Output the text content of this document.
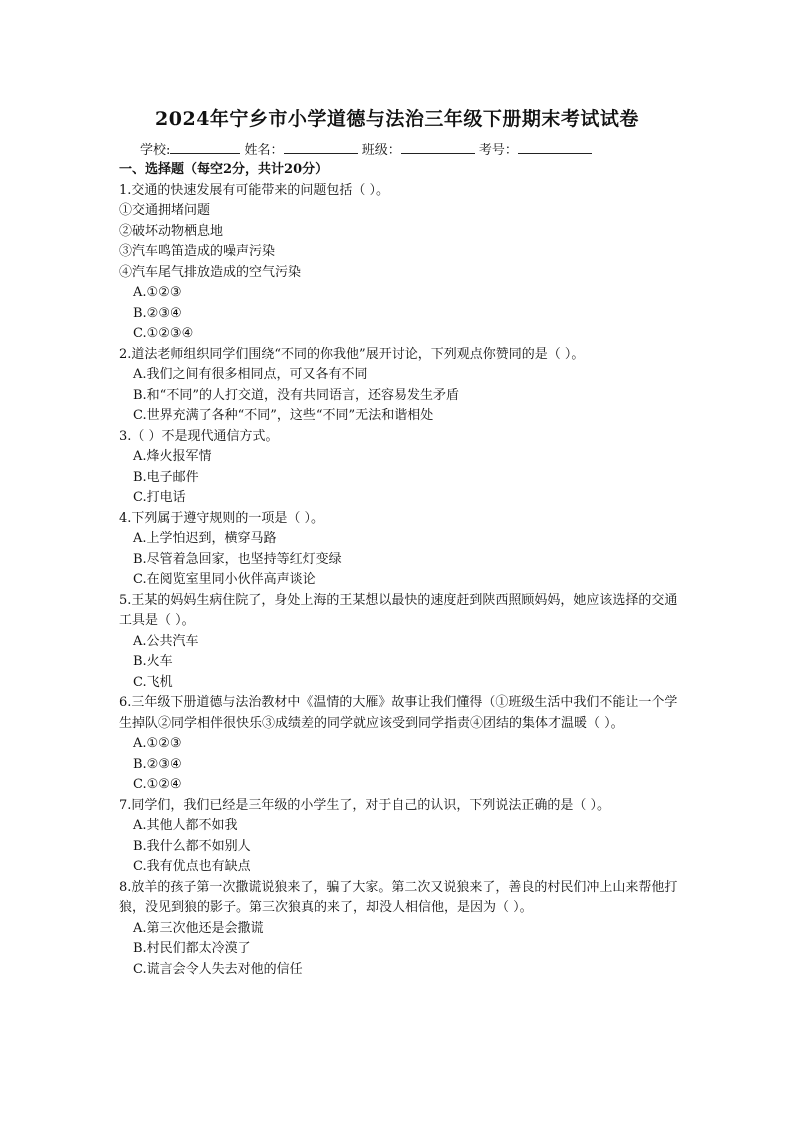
2024年宁乡市小学道德与法治三年级下册期末考试试卷
学校:	姓名：	班级：	考号：
一、选择题（每空2分，共计20分）
1.交通的快速发展有可能带来的问题包括（ ）。
①交通拥堵问题
②破坏动物栖息地
③汽车鸣笛造成的噪声污染
④汽车尾气排放造成的空气污染
A.①②③
B.②③④
C.①②③④
2.道法老师组织同学们围绕“不同的你我他”展开讨论，下列观点你赞同的是（ ）。
A.我们之间有很多相同点，可又各有不同
B.和“不同”的人打交道，没有共同语言，还容易发生矛盾
C.世界充满了各种“不同”，这些“不同”无法和谐相处
3.（ ）不是现代通信方式。
A.烽火报军情
B.电子邮件
C.打电话
4.下列属于遵守规则的一项是（ ）。
A.上学怕迟到，横穿马路
B.尽管着急回家，也坚持等红灯变绿
C.在阅览室里同小伙伴高声谈论
5.王某的妈妈生病住院了，身处上海的王某想以最快的速度赶到陕西照顾妈妈，她应该选择的交通工具是（ ）。
A.公共汽车
B.火车
C.飞机
6.三年级下册道德与法治教材中《温情的大雁》故事让我们懂得（①班级生活中我们不能让一个学生掉队②同学相伴很快乐③成绩差的同学就应该受到同学指责④团结的集体才温暖（ ）。
A.①②③
B.②③④
C.①②④
7.同学们，我们已经是三年级的小学生了，对于自己的认识，下列说法正确的是（ ）。
A.其他人都不如我
B.我什么都不如别人
C.我有优点也有缺点
8.放羊的孩子第一次撒谎说狼来了，骗了大家。第二次又说狼来了，善良的村民们冲上山来帮他打狼，没见到狼的影子。第三次狼真的来了，却没人相信他，是因为（ ）。
A.第三次他还是会撒谎
B.村民们都太冷漠了
C.谎言会令人失去对他的信任
